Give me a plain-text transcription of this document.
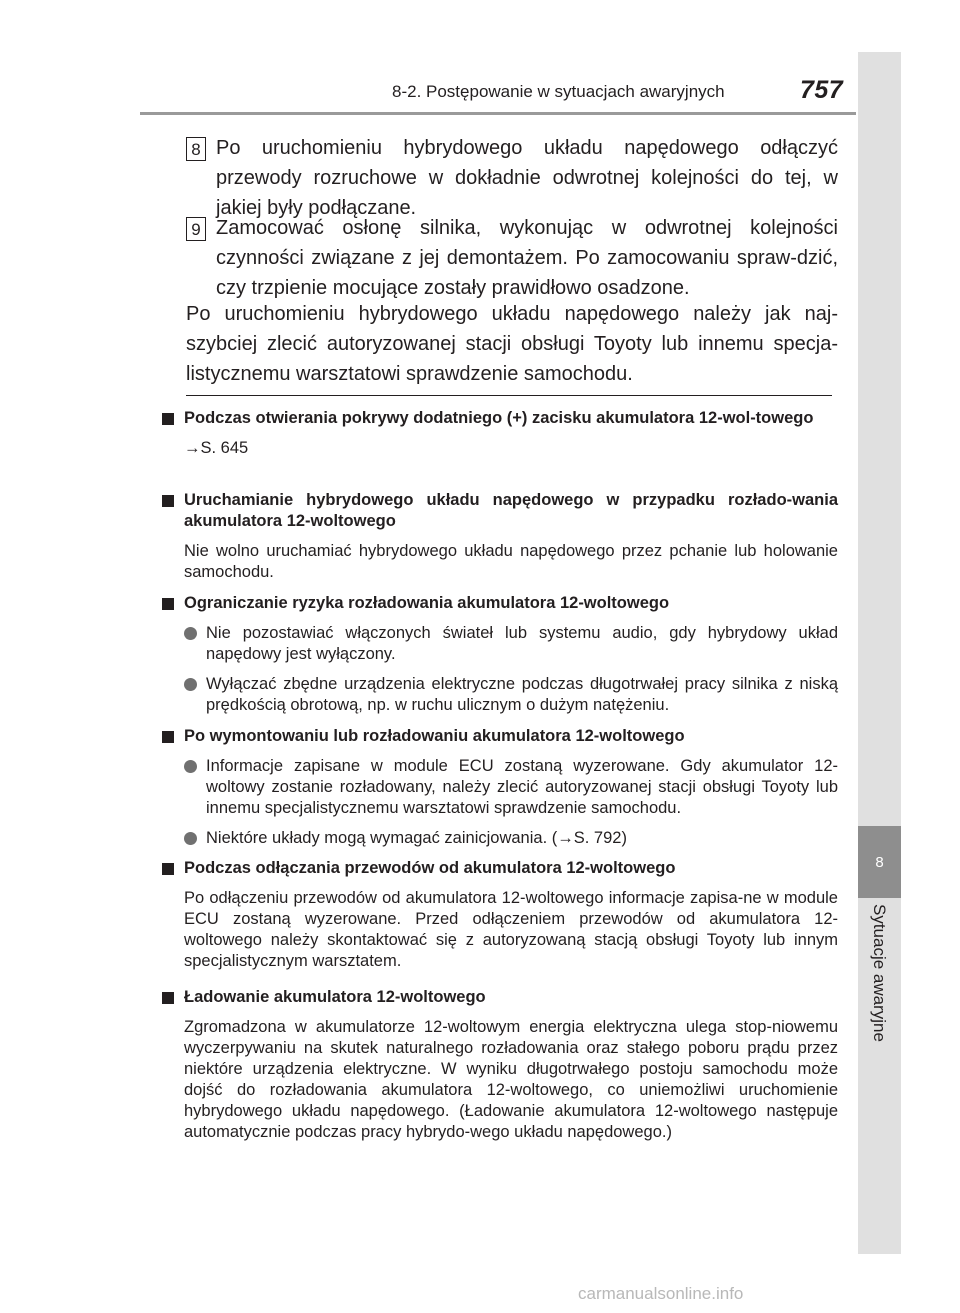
8-2. Postępowanie w sytuacjach awaryjnych	757
8
Sytuacje awaryjne
8 Po uruchomieniu hybrydowego układu napędowego odłączyć przewody rozruchowe w dokładnie odwrotnej kolejności do tej, w jakiej były podłączane.
9 Zamocować osłonę silnika, wykonując w odwrotnej kolejności czynności związane z jej demontażem. Po zamocowaniu spraw-dzić, czy trzpienie mocujące zostały prawidłowo osadzone.
Po uruchomieniu hybrydowego układu napędowego należy jak naj-szybciej zlecić autoryzowanej stacji obsługi Toyoty lub innemu specja-listycznemu warsztatowi sprawdzenie samochodu.
Podczas otwierania pokrywy dodatniego (+) zacisku akumulatora 12-wol-towego
→S. 645
Uruchamianie hybrydowego układu napędowego w przypadku rozłado-wania akumulatora 12-woltowego
Nie wolno uruchamiać hybrydowego układu napędowego przez pchanie lub holowanie samochodu.
Ograniczanie ryzyka rozładowania akumulatora 12-woltowego
Nie pozostawiać włączonych świateł lub systemu audio, gdy hybrydowy układ napędowy jest wyłączony.
Wyłączać zbędne urządzenia elektryczne podczas długotrwałej pracy silnika z niską prędkością obrotową, np. w ruchu ulicznym o dużym natężeniu.
Po wymontowaniu lub rozładowaniu akumulatora 12-woltowego
Informacje zapisane w module ECU zostaną wyzerowane. Gdy akumulator 12-woltowy zostanie rozładowany, należy zlecić autoryzowanej stacji obsługi Toyoty lub innemu specjalistycznemu warsztatowi sprawdzenie samochodu.
Niektóre układy mogą wymagać zainicjowania. (→S. 792)
Podczas odłączania przewodów od akumulatora 12-woltowego
Po odłączeniu przewodów od akumulatora 12-woltowego informacje zapisa-ne w module ECU zostaną wyzerowane. Przed odłączeniem przewodów od akumulatora 12-woltowego należy skontaktować się z autoryzowaną stacją obsługi Toyoty lub innym specjalistycznym warsztatem.
Ładowanie akumulatora 12-woltowego
Zgromadzona w akumulatorze 12-woltowym energia elektryczna ulega stop-niowemu wyczerpywaniu na skutek naturalnego rozładowania oraz stałego poboru prądu przez niektóre urządzenia elektryczne. W wyniku długotrwałego postoju samochodu może dojść do rozładowania akumulatora 12-woltowego, co uniemożliwi uruchomienie hybrydowego układu napędowego. (Ładowanie akumulatora 12-woltowego następuje automatycznie podczas pracy hybrydo-wego układu napędowego.)
carmanualsonline.info
